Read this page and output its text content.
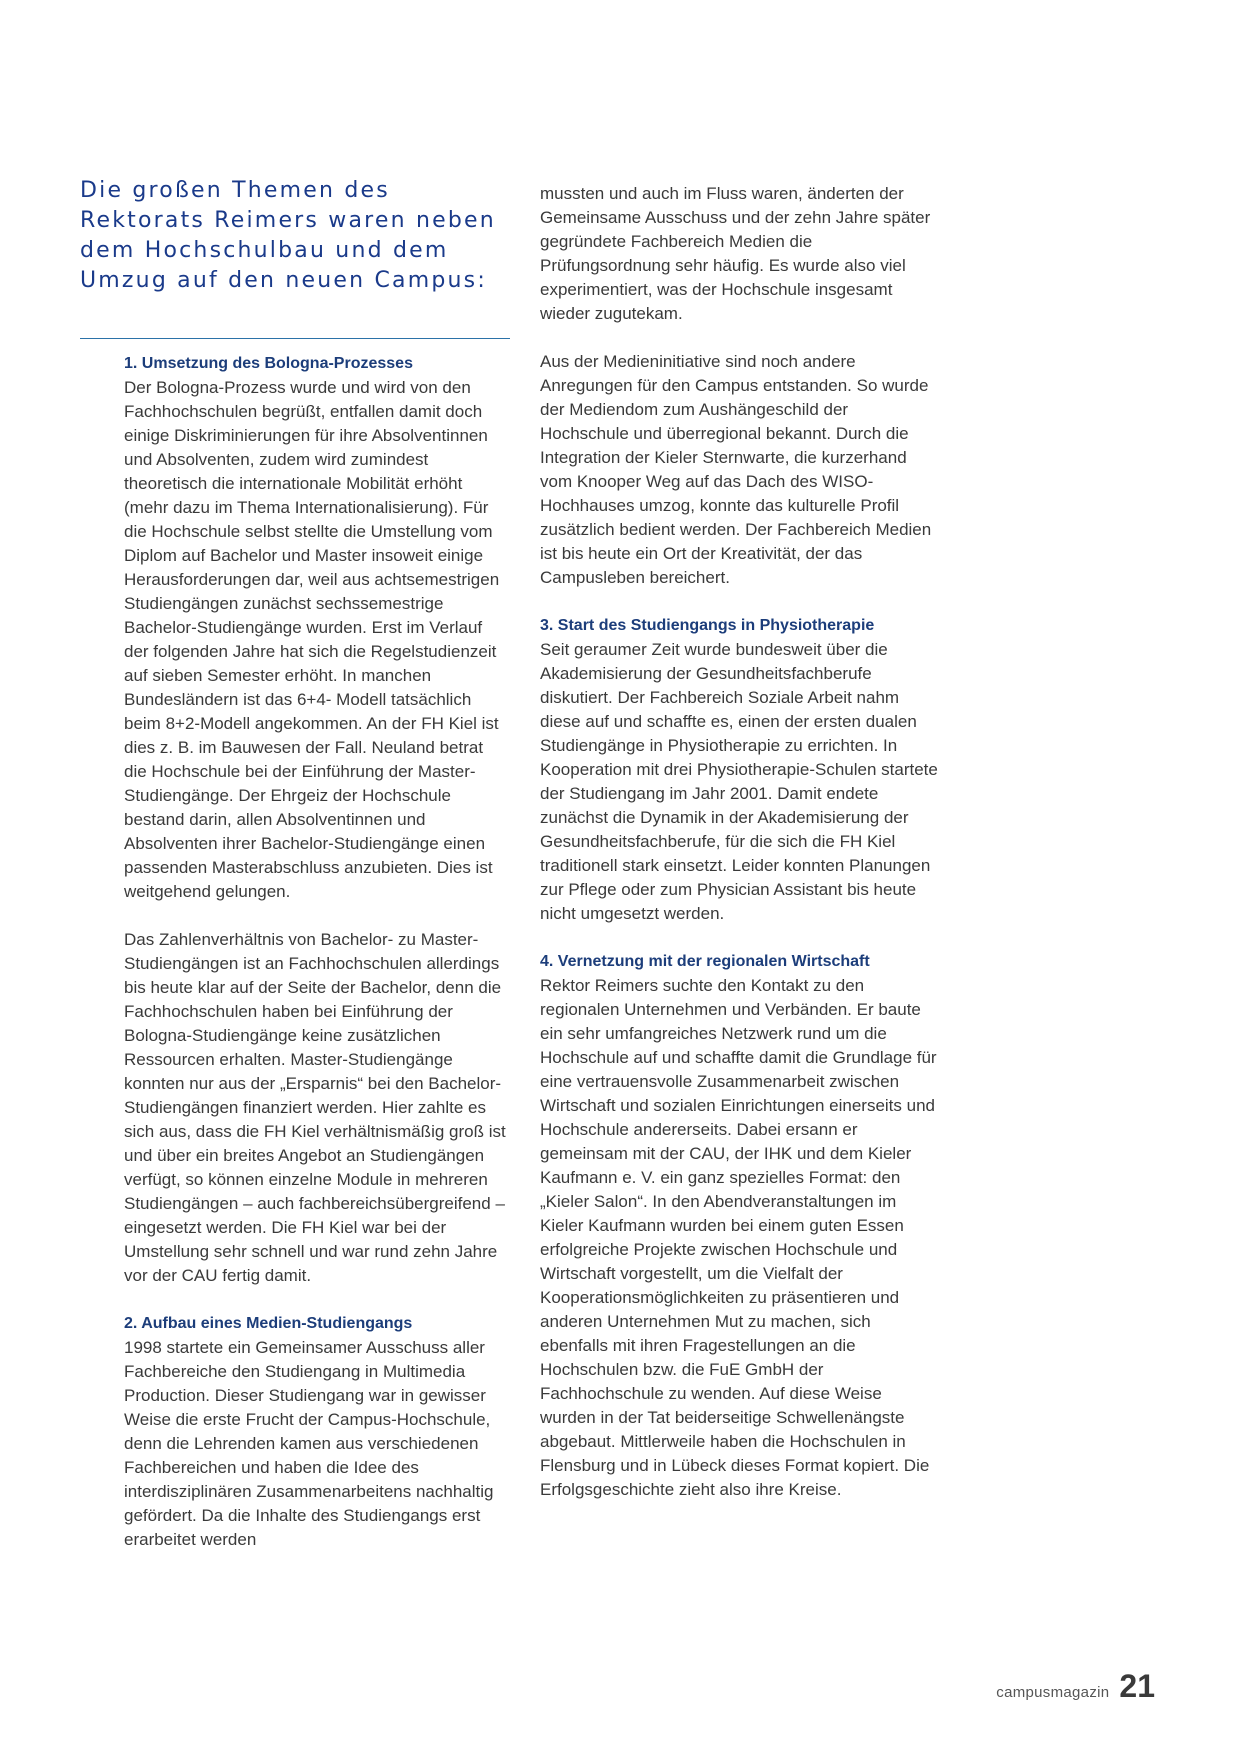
Die großen Themen des Rektorats Reimers waren neben dem Hochschulbau und dem Umzug auf den neuen Campus:
1. Umsetzung des Bologna-Prozesses

Der Bologna-Prozess wurde und wird von den Fachhochschulen begrüßt, entfallen damit doch einige Diskriminierungen für ihre Absolventinnen und Absolventen, zudem wird zumindest theoretisch die internationale Mobilität erhöht (mehr dazu im Thema Internationalisierung). Für die Hochschule selbst stellte die Umstellung vom Diplom auf Bachelor und Master insoweit einige Herausforderungen dar, weil aus achtsemestrigen Studiengängen zunächst sechssemestrige Bachelor-Studiengänge wurden. Erst im Verlauf der folgenden Jahre hat sich die Regelstudienzeit auf sieben Semester erhöht. In manchen Bundesländern ist das 6+4- Modell tatsächlich beim 8+2-Modell angekommen. An der FH Kiel ist dies z. B. im Bauwesen der Fall. Neuland betrat die Hochschule bei der Einführung der Master-Studiengänge. Der Ehrgeiz der Hochschule bestand darin, allen Absolventinnen und Absolventen ihrer Bachelor-Studiengänge einen passenden Masterabschluss anzubieten. Dies ist weitgehend gelungen.

Das Zahlenverhältnis von Bachelor- zu Master-Studiengängen ist an Fachhochschulen allerdings bis heute klar auf der Seite der Bachelor, denn die Fachhochschulen haben bei Einführung der Bologna-Studiengänge keine zusätzlichen Ressourcen erhalten. Master-Studiengänge konnten nur aus der „Ersparnis“ bei den Bachelor-Studiengängen finanziert werden. Hier zahlte es sich aus, dass die FH Kiel verhältnismäßig groß ist und über ein breites Angebot an Studiengängen verfügt, so können einzelne Module in mehreren Studiengängen – auch fachbereichsübergreifend – eingesetzt werden. Die FH Kiel war bei der Umstellung sehr schnell und war rund zehn Jahre vor der CAU fertig damit.

2. Aufbau eines Medien-Studiengangs

1998 startete ein Gemeinsamer Ausschuss aller Fachbereiche den Studiengang in Multimedia Production. Dieser Studiengang war in gewisser Weise die erste Frucht der Campus-Hochschule, denn die Lehrenden kamen aus verschiedenen Fachbereichen und haben die Idee des interdisziplinären Zusammenarbeitens nachhaltig gefördert. Da die Inhalte des Studiengangs erst erarbeitet werden

mussten und auch im Fluss waren, änderten der Gemeinsame Ausschuss und der zehn Jahre später gegründete Fachbereich Medien die Prüfungsordnung sehr häufig. Es wurde also viel experimentiert, was der Hochschule insgesamt wieder zugutekam.

Aus der Medieninitiative sind noch andere Anregungen für den Campus entstanden. So wurde der Mediendom zum Aushängeschild der Hochschule und überregional bekannt. Durch die Integration der Kieler Sternwarte, die kurzerhand vom Knooper Weg auf das Dach des WISO-Hochhauses umzog, konnte das kulturelle Profil zusätzlich bedient werden. Der Fachbereich Medien ist bis heute ein Ort der Kreativität, der das Campusleben bereichert.

3. Start des Studiengangs in Physiotherapie

Seit geraumer Zeit wurde bundesweit über die Akademisierung der Gesundheitsfachberufe diskutiert. Der Fachbereich Soziale Arbeit nahm diese auf und schaffte es, einen der ersten dualen Studiengänge in Physiotherapie zu errichten. In Kooperation mit drei Physiotherapie-Schulen startete der Studiengang im Jahr 2001. Damit endete zunächst die Dynamik in der Akademisierung der Gesundheitsfachberufe, für die sich die FH Kiel traditionell stark einsetzt. Leider konnten Planungen zur Pflege oder zum Physician Assistant bis heute nicht umgesetzt werden.

4. Vernetzung mit der regionalen Wirtschaft

Rektor Reimers suchte den Kontakt zu den regionalen Unternehmen und Verbänden. Er baute ein sehr umfangreiches Netzwerk rund um die Hochschule auf und schaffte damit die Grundlage für eine vertrauensvolle Zusammenarbeit zwischen Wirtschaft und sozialen Einrichtungen einerseits und Hochschule andererseits. Dabei ersann er gemeinsam mit der CAU, der IHK und dem Kieler Kaufmann e. V. ein ganz spezielles Format: den „Kieler Salon“. In den Abendveranstaltungen im Kieler Kaufmann wurden bei einem guten Essen erfolgreiche Projekte zwischen Hochschule und Wirtschaft vorgestellt, um die Vielfalt der Kooperationsmöglichkeiten zu präsentieren und anderen Unternehmen Mut zu machen, sich ebenfalls mit ihren Fragestellungen an die Hochschulen bzw. die FuE GmbH der Fachhochschule zu wenden. Auf diese Weise wurden in der Tat beiderseitige Schwellenängste abgebaut. Mittlerweile haben die Hochschulen in Flensburg und in Lübeck dieses Format kopiert. Die Erfolgsgeschichte zieht also ihre Kreise.

campusmagazin 21
